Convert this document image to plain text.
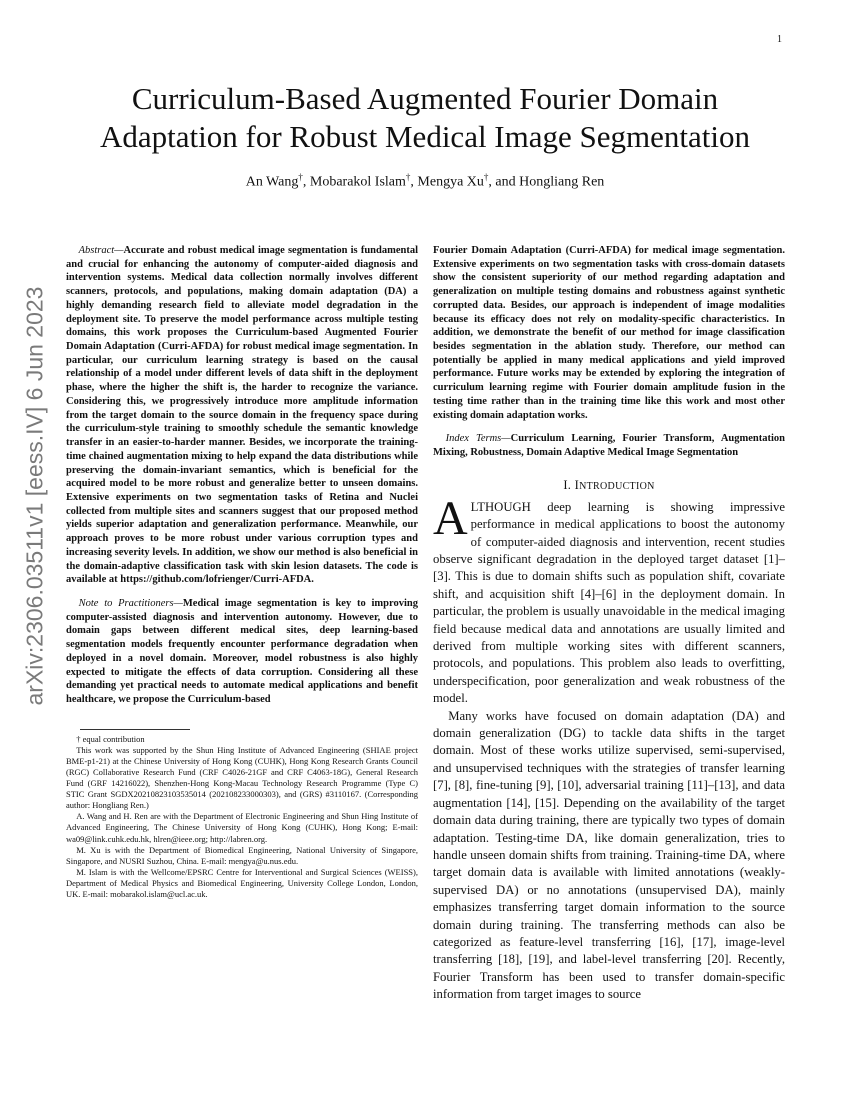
1
arXiv:2306.03511v1 [eess.IV] 6 Jun 2023
Curriculum-Based Augmented Fourier Domain
Adaptation for Robust Medical Image Segmentation
An Wang†, Mobarakol Islam†, Mengya Xu†, and Hongliang Ren

Abstract—Accurate and robust medical image segmentation is fundamental and crucial for enhancing the autonomy of computer-aided diagnosis and intervention systems. Medical data collection normally involves different scanners, protocols, and populations, making domain adaptation (DA) a highly demanding research field to alleviate model degradation in the deployment site. To preserve the model performance across multiple testing domains, this work proposes the Curriculum-based Augmented Fourier Domain Adaptation (Curri-AFDA) for robust medical image segmentation. In particular, our curriculum learning strategy is based on the causal relationship of a model under different levels of data shift in the deployment phase, where the higher the shift is, the harder to recognize the variance. Considering this, we progressively introduce more amplitude information from the target domain to the source domain in the frequency space during the curriculum-style training to smoothly schedule the semantic knowledge transfer in an easier-to-harder manner. Besides, we incorporate the training-time chained augmentation mixing to help expand the data distributions while preserving the domain-invariant semantics, which is beneficial for the acquired model to be more robust and generalize better to unseen domains. Extensive experiments on two segmentation tasks of Retina and Nuclei collected from multiple sites and scanners suggest that our proposed method yields superior adaptation and generalization performance. Meanwhile, our approach proves to be more robust under various corruption types and increasing severity levels. In addition, we show our method is also beneficial in the domain-adaptive classification task with skin lesion datasets. The code is available at https://github.com/lofrienger/Curri-AFDA.

Note to Practitioners—Medical image segmentation is key to improving computer-assisted diagnosis and intervention autonomy. However, due to domain gaps between different medical sites, deep learning-based segmentation models frequently encounter performance degradation when deployed in a novel domain. Moreover, model robustness is also highly expected to mitigate the effects of data corruption. Considering all these demanding yet practical needs to automate medical applications and benefit healthcare, we propose the Curriculum-based

† equal contribution

This work was supported by the Shun Hing Institute of Advanced Engineering (SHIAE project BME-p1-21) at the Chinese University of Hong Kong (CUHK), Hong Kong Research Grants Council (RGC) Collaborative Research Fund (CRF C4026-21GF and CRF C4063-18G), General Research Fund (GRF 14216022), Shenzhen-Hong Kong-Macau Technology Research Programme (Type C) STIC Grant SGDX20210823103535014 (202108233000303), and (GRS) #3110167. (Corresponding author: Hongliang Ren.)

A. Wang and H. Ren are with the Department of Electronic Engineering and Shun Hing Institute of Advanced Engineering, The Chinese University of Hong Kong (CUHK), Hong Kong; E-mail: wa09@link.cuhk.edu.hk, hlren@ieee.org; http://labren.org.

M. Xu is with the Department of Biomedical Engineering, National University of Singapore, Singapore, and NUSRI Suzhou, China. E-mail: mengya@u.nus.edu.

M. Islam is with the Wellcome/EPSRC Centre for Interventional and Surgical Sciences (WEISS), Department of Medical Physics and Biomedical Engineering, University College London, London, UK. E-mail: mobarakol.islam@ucl.ac.uk.

Fourier Domain Adaptation (Curri-AFDA) for medical image segmentation. Extensive experiments on two segmentation tasks with cross-domain datasets show the consistent superiority of our method regarding adaptation and generalization on multiple testing domains and robustness against synthetic corrupted data. Besides, our approach is independent of image modalities because its efficacy does not rely on modality-specific characteristics. In addition, we demonstrate the benefit of our method for image classification besides segmentation in the ablation study. Therefore, our method can potentially be applied in many medical applications and yield improved performance. Future works may be extended by exploring the integration of curriculum learning regime with Fourier domain amplitude fusion in the testing time rather than in the training time like this work and most other existing domain adaptation works.

Index Terms—Curriculum Learning, Fourier Transform, Augmentation Mixing, Robustness, Domain Adaptive Medical Image Segmentation

I. INTRODUCTION

ALTHOUGH deep learning is showing impressive performance in medical applications to boost the autonomy of computer-aided diagnosis and intervention, recent studies observe significant degradation in the deployed target dataset [1]–[3]. This is due to domain shifts such as population shift, covariate shift, and acquisition shift [4]–[6] in the deployment domain. In particular, the problem is usually unavoidable in the medical imaging field because medical data and annotations are usually limited and derived from multiple working sites with different scanners, protocols, and populations. This problem also leads to overfitting, underspecification, poor generalization and weak robustness of the model.

Many works have focused on domain adaptation (DA) and domain generalization (DG) to tackle data shifts in the target domain. Most of these works utilize supervised, semi-supervised, and unsupervised techniques with the strategies of transfer learning [7], [8], fine-tuning [9], [10], adversarial training [11]–[13], and data augmentation [14], [15]. Depending on the availability of the target domain data during training, there are typically two types of domain adaptation. Testing-time DA, like domain generalization, tries to handle unseen domain shifts from training. Training-time DA, where target domain data is available with limited annotations (weakly-supervised DA) or no annotations (unsupervised DA), mainly emphasizes transferring target domain information to the source domain during training. The transferring methods can also be categorized as feature-level transferring [16], [17], image-level transferring [18], [19], and label-level transferring [20]. Recently, Fourier Transform has been used to transfer domain-specific information from target images to source
